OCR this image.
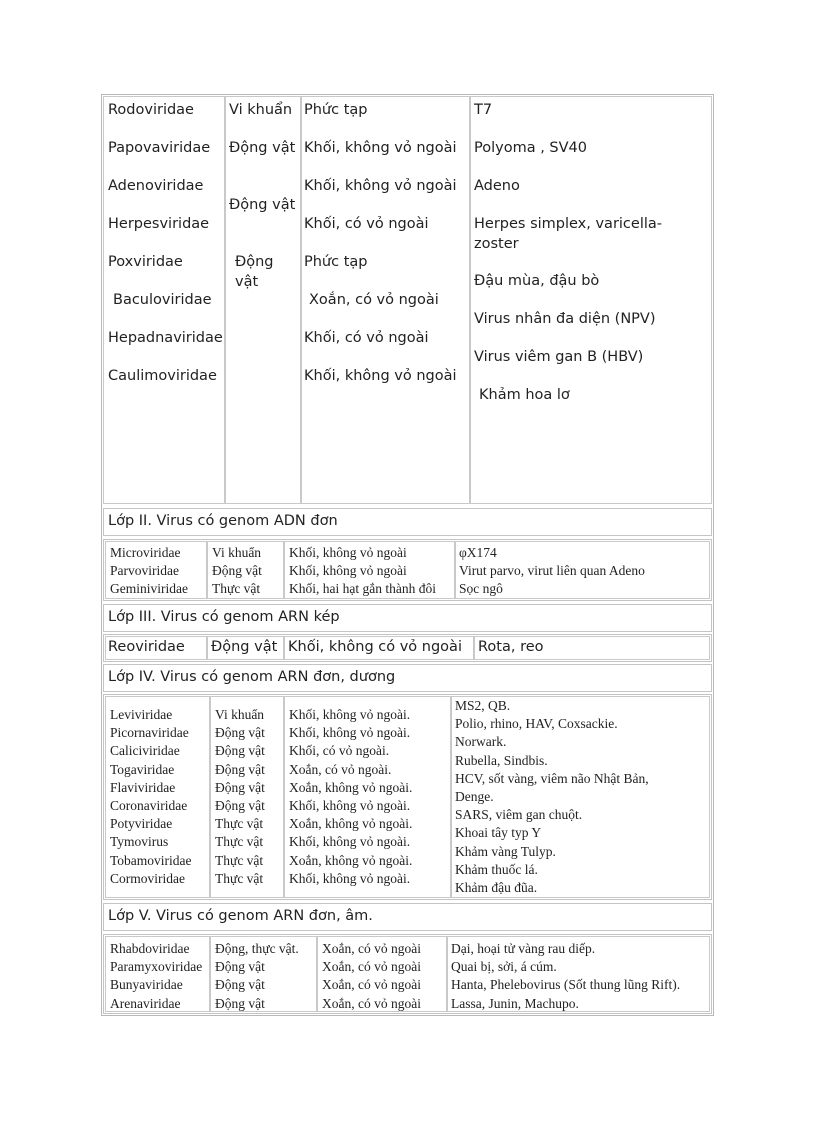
Rodoviridae
Papovaviridae
Adenoviridae
Herpesviridae
Poxviridae
Baculoviridae
Hepadnaviridae
Caulimoviridae
Vi khuẩn
Động vật
Động vật
Động vật
Phức tạp
Khối, không vỏ ngoài
Khối, không vỏ ngoài
Khối, có vỏ ngoài
Phức tạp
Xoắn, có vỏ ngoài
Khối, có vỏ ngoài
Khối, không vỏ ngoài
T7
Polyoma , SV40
Adeno
Herpes simplex, varicella-zoster
Đậu mùa, đậu bò
Virus nhân đa diện (NPV)
Virus viêm gan B (HBV)
Khảm hoa lơ
Lớp II. Virus có genom ADN đơn
Microviridae
Parvoviridae
Geminiviridae
Vi khuẩn
Động vật
Thực vật
Khối, không vỏ ngoài
Khối, không vỏ ngoài
Khối, hai hạt gắn thành đôi
φX174
Virut parvo, virut liên quan Adeno
Sọc ngô
Lớp III. Virus có genom ARN kép
Reoviridae Động vật Khối, không có vỏ ngoài Rota, reo
Lớp IV. Virus có genom ARN đơn, dương
Leviviridae
Picornaviridae
Caliciviridae
Togaviridae
Flaviviridae
Coronaviridae
Potyviridae
Tymovirus
Tobamoviridae
Cormoviridae
Vi khuẩn
Động vật
Động vật
Động vật
Động vật
Động vật
Thực vật
Thực vật
Thực vật
Thực vật
Khối, không vỏ ngoài.
Khối, không vỏ ngoài.
Khối, có vỏ ngoài.
Xoắn, có vỏ ngoài.
Xoắn, không vỏ ngoài.
Khối, không vỏ ngoài.
Xoắn, không vỏ ngoài.
Khối, không vỏ ngoài.
Xoắn, không vỏ ngoài.
Khối, không vỏ ngoài.
MS2, QB.
Polio, rhino, HAV, Coxsackie.
Norwark.
Rubella, Sindbis.
HCV, sốt vàng, viêm não Nhật Bản,
Denge.
SARS, viêm gan chuột.
Khoai tây typ Y
Khảm vàng Tulyp.
Khảm thuốc lá.
Khảm đậu đũa.
Lớp V. Virus có genom ARN đơn, âm.
Rhabdoviridae
Paramyxoviridae
Bunyaviridae
Arenaviridae
Động, thực vật.
Động vật
Động vật
Động vật
Xoắn, có vỏ ngoài
Xoắn, có vỏ ngoài
Xoắn, có vỏ ngoài
Xoắn, có vỏ ngoài
Dại, hoại tử vàng rau diếp.
Quai bị, sởi, á cúm.
Hanta, Phelebovirus (Sốt thung lũng Rift).
Lassa, Junin, Machupo.
